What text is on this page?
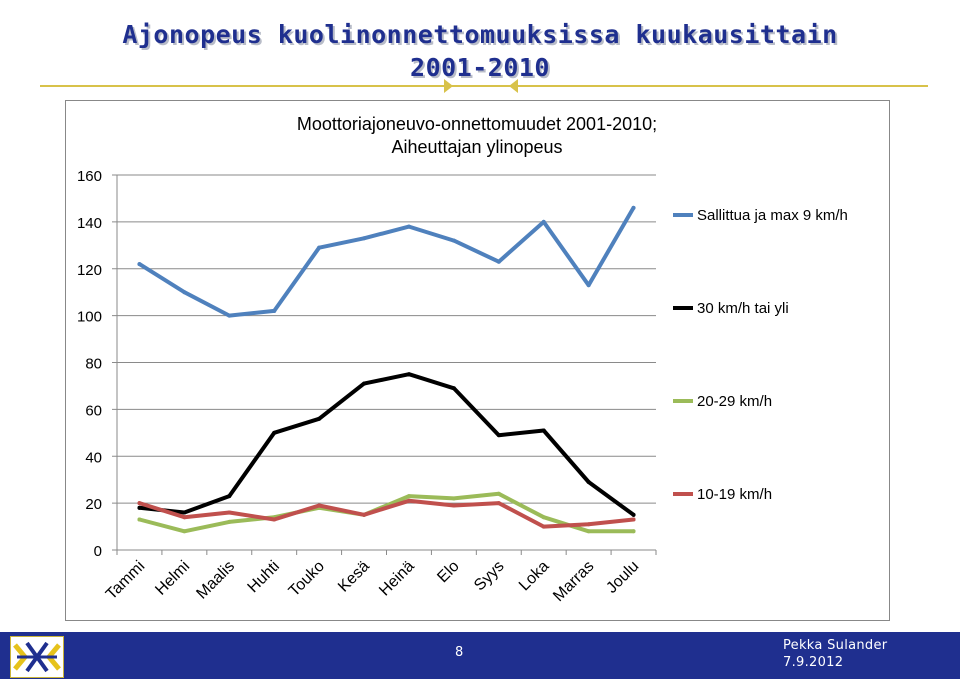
Ajonopeus kuolinonnettomuuksissa kuukausittain
2001-2010
Moottoriajoneuvo-onnettomuudet 2001-2010;
Aiheuttajan ylinopeus
0
20
40
60
80
100
120
140
160
Tammi Helmi Maalis Huhti Touko Kesä Heinä Elo Syys Loka
Marras Joulu
Sallittua ja max 9 km/h
30 km/h tai yli
20-29 km/h
10-19 km/h
8	Pekka Sulander
7.9.2012
